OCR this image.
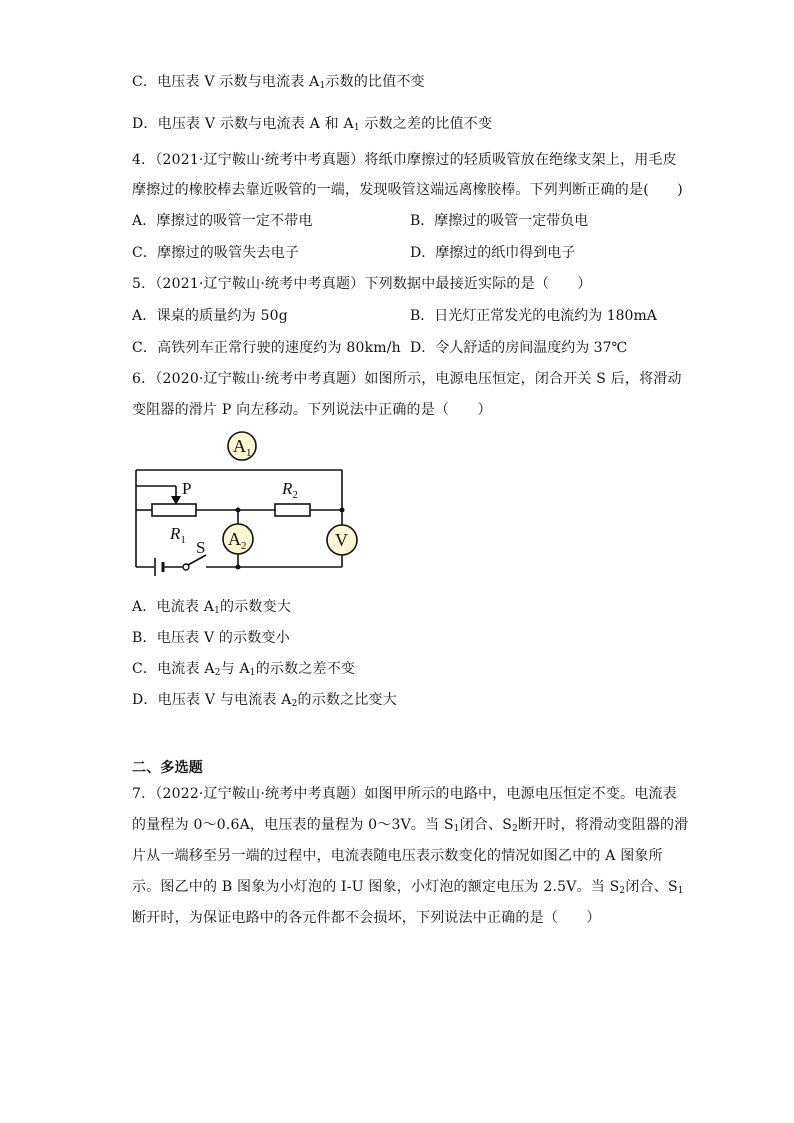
C．电压表 V 示数与电流表 $A_1$示数的比值不变
D．电压表 V 示数与电流表 A 和 $A_1$ 示数之差的比值不变
4．（2021·辽宁鞍山·统考中考真题）将纸巾摩擦过的轻质吸管放在绝缘支架上，用毛皮
摩擦过的橡胶棒去靠近吸管的一端，发现吸管这端远离橡胶棒。下列判断正确的是(　　)
A．摩擦过的吸管一定不带电	B．摩擦过的吸管一定带负电
C．摩擦过的吸管失去电子	D．摩擦过的纸巾得到电子
5．（2021·辽宁鞍山·统考中考真题）下列数据中最接近实际的是（　　）
A．课桌的质量约为 50g	B．日光灯正常发光的电流约为 180mA
C．高铁列车正常行驶的速度约为 80km/h D．令人舒适的房间温度约为 37℃
6．（2020·辽宁鞍山·统考中考真题）如图所示，电源电压恒定，闭合开关 S 后，将滑动
变阻器的滑片 P 向左移动。下列说法中正确的是（　　）
$A_1$
$A_2$	V
P	$R_2$
$R_1$ S
A．电流表 $A_1$的示数变大
B．电压表 V 的示数变小
C．电流表 $A_2$与 $A_1$的示数之差不变
D．电压表 V 与电流表 $A_2$的示数之比变大
二、多选题
7．（2022·辽宁鞍山·统考中考真题）如图甲所示的电路中，电源电压恒定不变。电流表
的量程为 0～0.6A，电压表的量程为 0～3V。当 $S_1$闭合、$S_2$断开时，将滑动变阻器的滑
片从一端移至另一端的过程中，电流表随电压表示数变化的情况如图乙中的 A 图象所
示。图乙中的 B 图象为小灯泡的 I-U 图象，小灯泡的额定电压为 2.5V。当 $S_2$闭合、$S_1$
断开时，为保证电路中的各元件都不会损坏，下列说法中正确的是（　　）
